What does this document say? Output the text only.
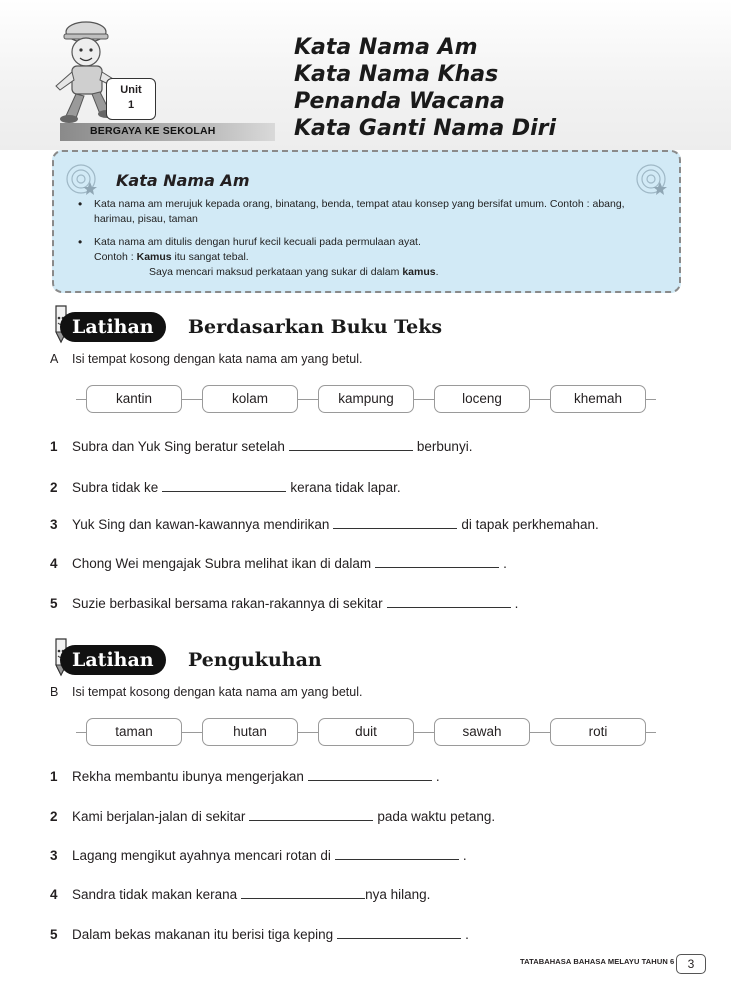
Unit
1
BERGAYA KE SEKOLAH
Kata Nama Am
Kata Nama Khas
Penanda Wacana
Kata Ganti Nama Diri
Kata Nama Am
• Kata nama am merujuk kepada orang, binatang, benda, tempat atau konsep yang bersifat umum. Contoh : abang, harimau, pisau, taman
• Kata nama am ditulis dengan huruf kecil kecuali pada permulaan ayat.
Contoh : Kamus itu sangat tebal.
Saya mencari maksud perkataan yang sukar di dalam kamus.
Latihan	Berdasarkan Buku Teks
A Isi tempat kosong dengan kata nama am yang betul.
kantin	kolam	kampung	loceng	khemah
1 Subra dan Yuk Sing beratur setelah	berbunyi.
2 Subra tidak ke	kerana tidak lapar.
3 Yuk Sing dan kawan-kawannya mendirikan	di tapak perkhemahan.
4 Chong Wei mengajak Subra melihat ikan di dalam	.
5 Suzie berbasikal bersama rakan-rakannya di sekitar	.
Latihan	Pengukuhan
B Isi tempat kosong dengan kata nama am yang betul.
taman	hutan	duit	sawah	roti
1 Rekha membantu ibunya mengerjakan	.
2 Kami berjalan-jalan di sekitar	pada waktu petang.
3 Lagang mengikut ayahnya mencari rotan di	.
4 Sandra tidak makan kerana	nya hilang.
5 Dalam bekas makanan itu berisi tiga keping	.
TATABAHASA BAHASA MELAYU TAHUN 6	3
